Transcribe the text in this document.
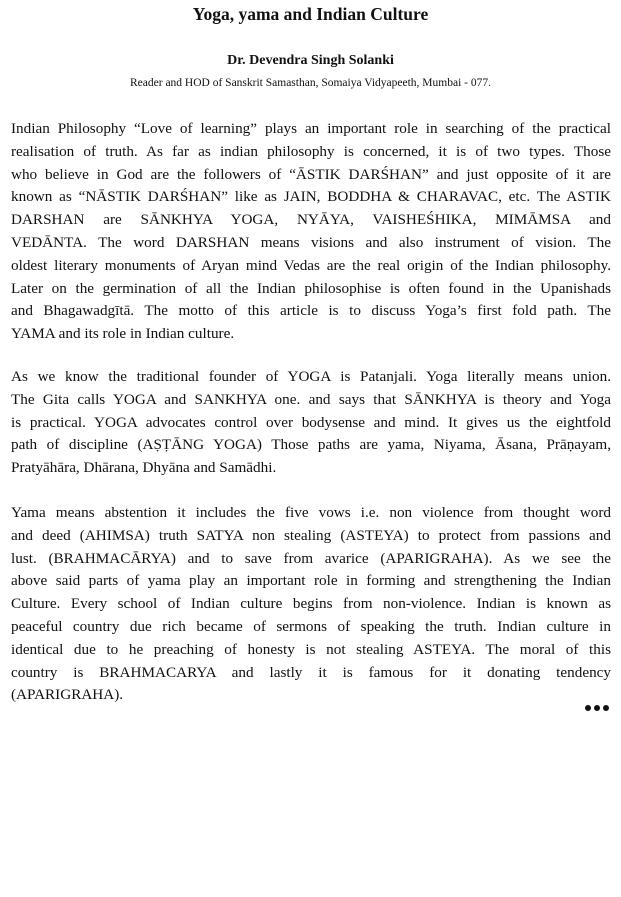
Yoga, yama and Indian Culture
Dr. Devendra Singh Solanki
Reader and HOD of Sanskrit Samasthan, Somaiya Vidyapeeth, Mumbai - 077.
Indian Philosophy “Love of learning” plays an important role in searching of the practical
realisation of truth. As far as indian philosophy is concerned, it is of two types. Those
who believe in God are the followers of “ĀSTIK DARŚHAN” and just opposite of it are
known as “NĀSTIK DARŚHAN” like as JAIN, BODDHA & CHARAVAC, etc. The ASTIK
DARSHAN are SĀNKHYA YOGA, NYĀYA, VAISHEŚHIKA, MIMĀMSA and
VEDĀNTA. The word DARSHAN means visions and also instrument of vision. The
oldest literary monuments of Aryan mind Vedas are the real origin of the Indian philosophy.
Later on the germination of all the Indian philosophise is often found in the Upanishads
and Bhagawadgītā. The motto of this article is to discuss Yoga’s first fold path. The
YAMA and its role in Indian culture.
As we know the traditional founder of YOGA is Patanjali. Yoga literally means union.
The Gita calls YOGA and SANKHYA one. and says that SĀNKHYA is theory and Yoga
is practical. YOGA advocates control over bodysense and mind. It gives us the eightfold
path of discipline (AṢṬĀNG YOGA) Those paths are yama, Niyama, Āsana, Prāṇayam,
Pratyāhāra, Dhārana, Dhyāna and Samādhi.
Yama means abstention it includes the five vows i.e. non violence from thought word
and deed (AHIMSA) truth SATYA non stealing (ASTEYA) to protect from passions and
lust. (BRAHMACĀRYA) and to save from avarice (APARIGRAHA). As we see the
above said parts of yama play an important role in forming and strengthening the Indian
Culture. Every school of Indian culture begins from non-violence. Indian is known as
peaceful country due rich became of sermons of speaking the truth. Indian culture in
identical due to he preaching of honesty is not stealing ASTEYA. The moral of this
country is BRAHMACARYA and lastly it is famous for it donating tendency
(APARIGRAHA).
